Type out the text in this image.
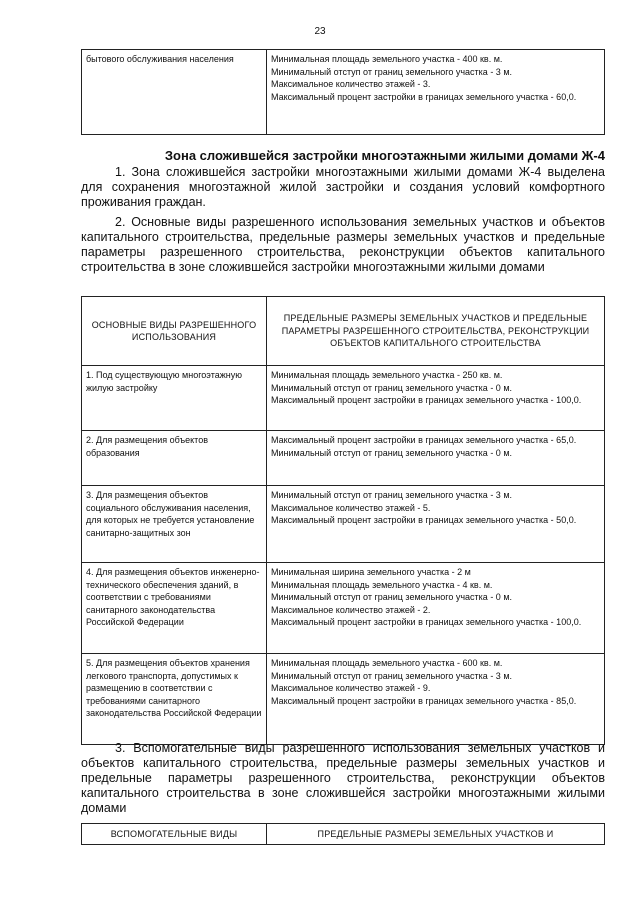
23
бытового обслуживания населения	Минимальная площадь земельного участка - 400 кв. м.
Минимальный отступ от границ земельного участка - 3 м.
Максимальное количество этажей - 3.
Максимальный процент застройки в границах земельного участка - 60,0.
Зона сложившейся застройки многоэтажными жилыми домами Ж-4

1. Зона сложившейся застройки многоэтажными жилыми домами Ж-4 выделена для сохранения многоэтажной жилой застройки и создания условий комфортного проживания граждан.

2. Основные виды разрешенного использования земельных участков и объектов капитального строительства, предельные размеры земельных участков и предельные параметры разрешенного строительства, реконструкции объектов капитального строительства в зоне сложившейся застройки многоэтажными жилыми домами

ОСНОВНЫЕ ВИДЫ РАЗРЕШЕННОГО ИСПОЛЬЗОВАНИЯ	ПРЕДЕЛЬНЫЕ РАЗМЕРЫ ЗЕМЕЛЬНЫХ УЧАСТКОВ И ПРЕДЕЛЬНЫЕ ПАРАМЕТРЫ РАЗРЕШЕННОГО СТРОИТЕЛЬСТВА, РЕКОНСТРУКЦИИ ОБЪЕКТОВ КАПИТАЛЬНОГО СТРОИТЕЛЬСТВА
1. Под существующую многоэтажную жилую застройку	Минимальная площадь земельного участка - 250 кв. м.
Минимальный отступ от границ земельного участка - 0 м.
Максимальный процент застройки в границах земельного участка - 100,0.

2. Для размещения объектов образования	Максимальный процент застройки в границах земельного участка - 65,0.
Минимальный отступ от границ земельного участка - 0 м.

3. Для размещения объектов социального обслуживания населения, для которых не требуется установление санитарно-защитных зон	Минимальный отступ от границ земельного участка - 3 м.
Максимальное количество этажей - 5.
Максимальный процент застройки в границах земельного участка - 50,0.

4. Для размещения объектов инженерно-технического обеспечения зданий, в соответствии с требованиями санитарного законодательства Российской Федерации	Минимальная ширина земельного участка - 2 м
Минимальная площадь земельного участка - 4 кв. м.
Минимальный отступ от границ земельного участка - 0 м.
Максимальное количество этажей - 2.
Максимальный процент застройки в границах земельного участка - 100,0.

5. Для размещения объектов хранения легкового транспорта, допустимых к размещению в соответствии с требованиями санитарного законодательства Российской Федерации	Минимальная площадь земельного участка - 600 кв. м.
Минимальный отступ от границ земельного участка - 3 м.
Максимальное количество этажей - 9.
Максимальный процент застройки в границах земельного участка - 85,0.

3. Вспомогательные виды разрешенного использования земельных участков и объектов капитального строительства, предельные размеры земельных участков и предельные параметры разрешенного строительства, реконструкции объектов капитального строительства в зоне сложившейся застройки многоэтажными жилыми домами

ВСПОМОГАТЕЛЬНЫЕ ВИДЫ	ПРЕДЕЛЬНЫЕ РАЗМЕРЫ ЗЕМЕЛЬНЫХ УЧАСТКОВ И
